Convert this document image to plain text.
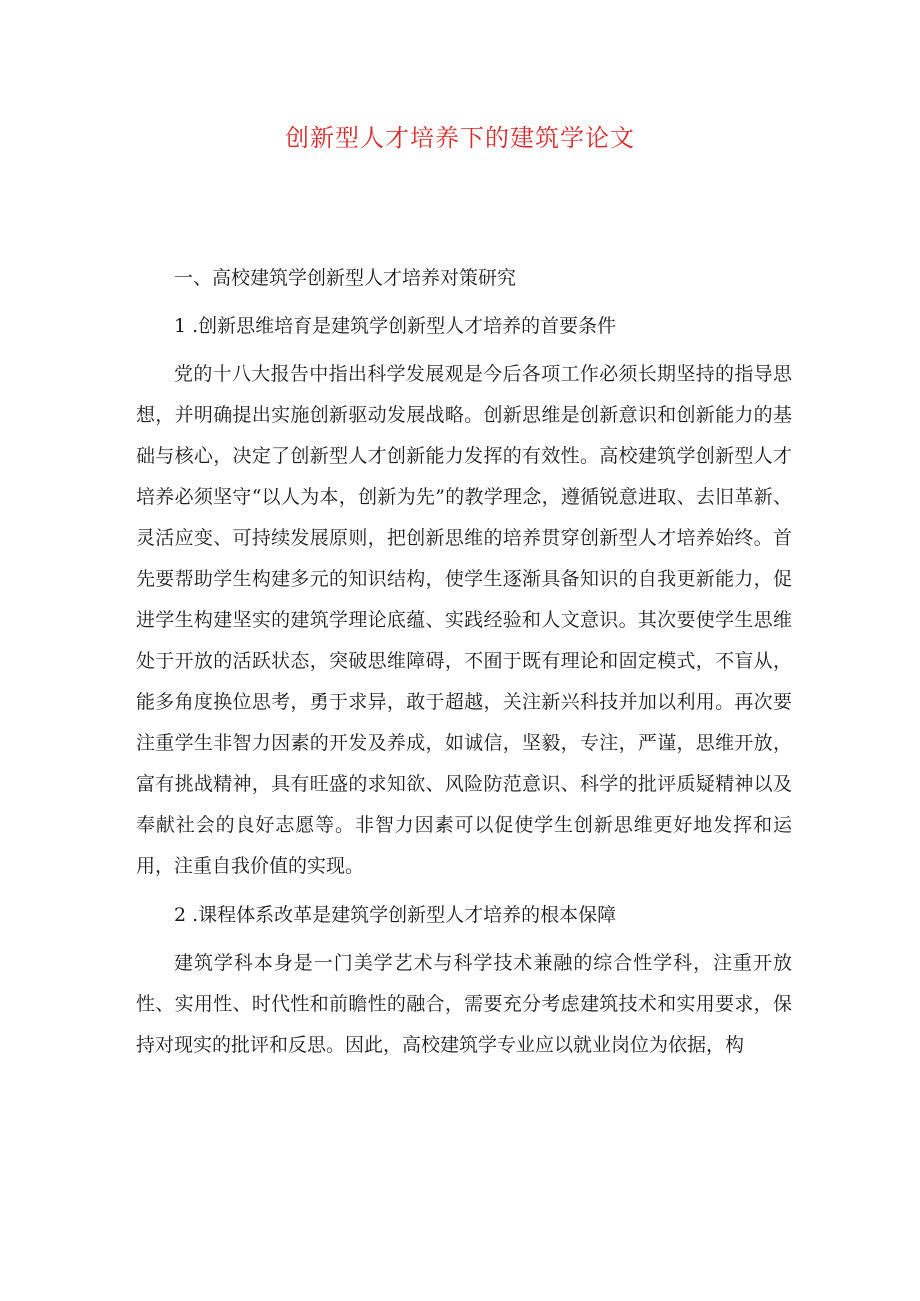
创新型人才培养下的建筑学论文

一、高校建筑学创新型人才培养对策研究

1 .创新思维培育是建筑学创新型人才培养的首要条件

党的十八大报告中指出科学发展观是今后各项工作必须长期坚持的指导思想，并明确提出实施创新驱动发展战略。创新思维是创新意识和创新能力的基础与核心，决定了创新型人才创新能力发挥的有效性。高校建筑学创新型人才培养必须坚守“以人为本，创新为先”的教学理念，遵循锐意进取、去旧革新、灵活应变、可持续发展原则，把创新思维的培养贯穿创新型人才培养始终。首先要帮助学生构建多元的知识结构，使学生逐渐具备知识的自我更新能力，促进学生构建坚实的建筑学理论底蕴、实践经验和人文意识。其次要使学生思维处于开放的活跃状态，突破思维障碍，不囿于既有理论和固定模式，不盲从，能多角度换位思考，勇于求异，敢于超越，关注新兴科技并加以利用。再次要注重学生非智力因素的开发及养成，如诚信，坚毅，专注，严谨，思维开放，富有挑战精神，具有旺盛的求知欲、风险防范意识、科学的批评质疑精神以及奉献社会的良好志愿等。非智力因素可以促使学生创新思维更好地发挥和运用，注重自我价值的实现。

2 .课程体系改革是建筑学创新型人才培养的根本保障

建筑学科本身是一门美学艺术与科学技术兼融的综合性学科，注重开放性、实用性、时代性和前瞻性的融合，需要充分考虑建筑技术和实用要求，保持对现实的批评和反思。因此，高校建筑学专业应以就业岗位为依据，构
